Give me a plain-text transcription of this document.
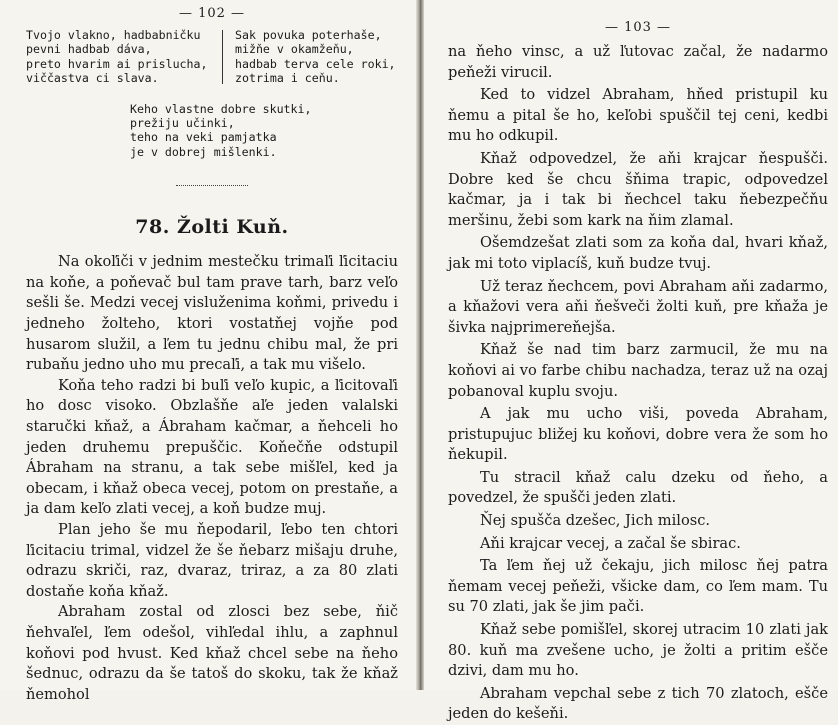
— 102 —
Tvojo vlakno, hadbabničku
pevni hadbab dáva,
preto hvarim ai prislucha,
viččastva ci slava.
Sak povuka poterhaše,
mižňe v okamžeňu,
hadbab terva cele roki,
zotrima i ceňu.
Keho vlastne dobre skutki,
prežiju učinki,
teho na veki pamjatka
je v dobrej mišlenki.
78. Žolti Kuň.

Na okoľiči v jednim mestečku trimaľi ľicitaciu na koňe, a poňevač bul tam prave tarh, barz veľo sešli še. Medzi vecej visluženima koňmi, privedu i jedneho žolteho, ktori vostatňej vojňe pod husarom služil, a ľem tu jednu chibu mal, že pri rubaňu jedno uho mu precaľi, a tak mu višelo.

Koňa teho radzi bi buľi veľo kupic, a ľicitovaľi ho dosc visoko. Obzlašňe aľe jeden valalski staručki kňaž, a Ábraham kačmar, a ňehceli ho jeden druhemu prepuščic. Koňečňe odstupil Ábraham na stranu, a tak sebe mišľel, ked ja obecam, i kňaž obeca vecej, potom on prestaňe, a ja dam keľo zlati vecej, a koň budze muj.

Plan jeho še mu ňepodaril, ľebo ten chtori ľicitaciu trimal, vidzel že še ňebarz mišaju druhe, odrazu skriči, raz, dvaraz, triraz, a za 80 zlati dostaňe koňa kňaž.

Abraham zostal od zlosci bez sebe, ňič ňehvaľel, ľem odešol, vihľedal ihlu, a zaphnul koňovi pod hvust. Ked kňaž chcel sebe na ňeho šednuc, odrazu da še tatoš do skoku, tak že kňaž ňemohol

— 103 —

na ňeho vinsc, a už ľutovac začal, že nadarmo peňeži virucil.

Ked to vidzel Abraham, hňed pristupil ku ňemu a pital še ho, keľobi spuščil tej ceni, kedbi mu ho odkupil.

Kňaž odpovedzel, že aňi krajcar ňespušči. Dobre ked še chcu šňima trapic, odpovedzel kačmar, ja i tak bi ňechcel taku ňebezpečňu meršinu, žebi som kark na ňim zlamal.

Ošemdzešat zlati som za koňa dal, hvari kňaž, jak mi toto viplacíš, kuň budze tvuj.

Už teraz ňechcem, povi Abraham aňi zadarmo, a kňažovi vera aňi ňešveči žolti kuň, pre kňaža je šivka najprimereňejša.

Kňaž še nad tim barz zarmucil, že mu na koňovi ai vo farbe chibu nachadza, teraz už na ozaj pobanoval kuplu svoju.

A jak mu ucho viši, poveda Abraham, pristupujuc bližej ku koňovi, dobre vera že som ho ňekupil.

Tu stracil kňaž calu dzeku od ňeho, a povedzel, že spušči jeden zlati.

Ňej spušča dzešec, Jich milosc.

Aňi krajcar vecej, a začal še sbirac.

Ta ľem ňej už čekaju, jich milosc ňej patra ňemam vecej peňeži, všicke dam, co ľem mam. Tu su 70 zlati, jak še jim pači.

Kňaž sebe pomišľel, skorej utracim 10 zlati jak 80. kuň ma zvešene ucho, je žolti a pritim ešče dzivi, dam mu ho.

Abraham vepchal sebe z tich 70 zlatoch, ešče jeden do kešeňi.
